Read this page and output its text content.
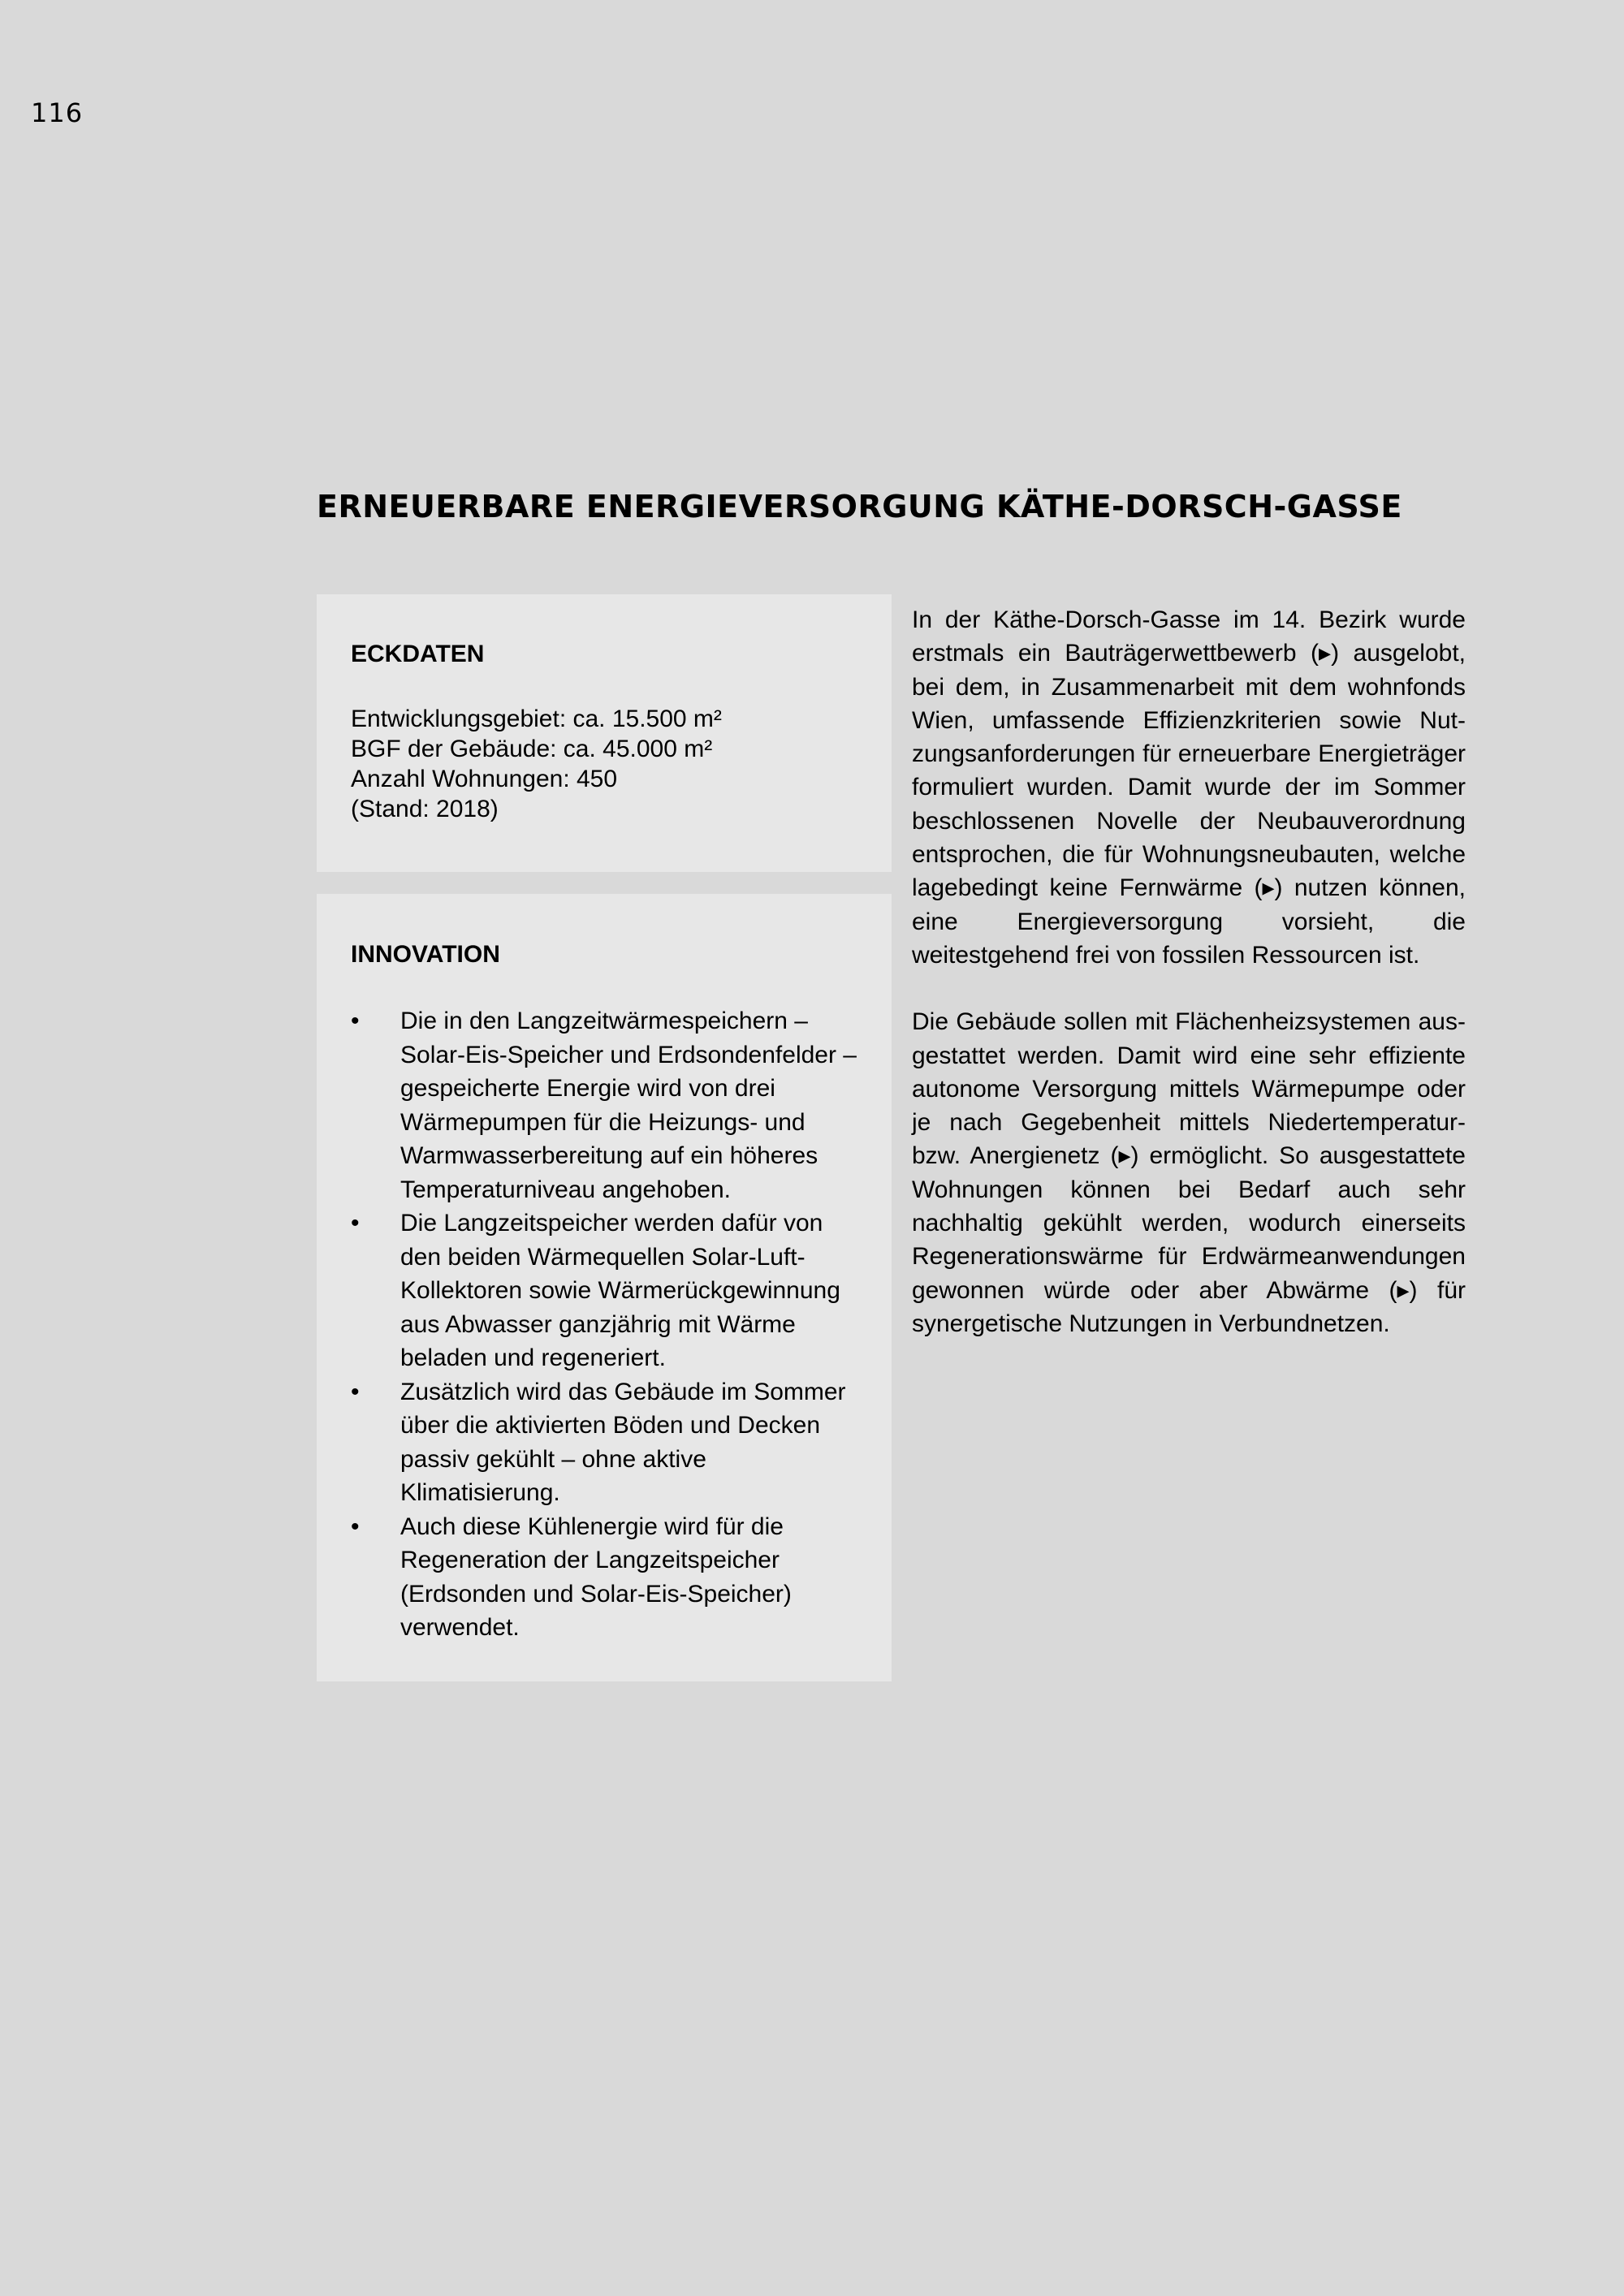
116
ERNEUERBARE ENERGIEVERSORGUNG KÄTHE-DORSCH-GASSE
ECKDATEN

Entwicklungsgebiet: ca. 15.500 m²

BGF der Gebäude: ca. 45.000 m²

Anzahl Wohnungen: 450

(Stand: 2018)

INNOVATION
• Die in den Langzeitwärmespeichern – Solar-Eis-Speicher und Erdsondenfelder – gespeicherte Energie wird von drei Wärmepumpen für die Heizungs- und Warmwasserbereitung auf ein höheres Temperaturniveau angehoben.
• Die Langzeitspeicher werden dafür von den beiden Wärmequellen Solar-Luft-Kollektoren sowie Wärmerückgewinnung aus Abwasser ganzjährig mit Wärme beladen und regeneriert.
• Zusätzlich wird das Gebäude im Sommer über die aktivierten Böden und Decken passiv gekühlt – ohne aktive Klimatisierung.
• Auch diese Kühlenergie wird für die Regeneration der Langzeitspeicher (Erdsonden und Solar-Eis-Speicher) verwendet.

In der Käthe-Dorsch-Gasse im 14. Bezirk wurde erstmals ein Bauträgerwettbewerb (▸) ausgelobt, bei dem, in Zusammenarbeit mit dem wohnfonds Wien, umfassende Effizienzkriterien sowie Nutzungsanforderungen für erneuerbare Energieträger formuliert wurden. Damit wurde der im Sommer beschlossenen Novelle der Neubauverordnung entsprochen, die für Wohnungsneubauten, welche lagebedingt keine Fernwärme (▸) nutzen können, eine Energieversorgung vorsieht, die weitestgehend frei von fossilen Ressourcen ist.

Die Gebäude sollen mit Flächenheizsystemen ausgestattet werden. Damit wird eine sehr effiziente autonome Versorgung mittels Wärmepumpe oder je nach Gegebenheit mittels Niedertemperatur- bzw. Anergienetz (▸) ermöglicht. So ausgestattete Wohnungen können bei Bedarf auch sehr nachhaltig gekühlt werden, wodurch einerseits Regenerationswärme für Erdwärmeanwendungen gewonnen würde oder aber Abwärme (▸) für synergetische Nutzungen in Verbundnetzen.
